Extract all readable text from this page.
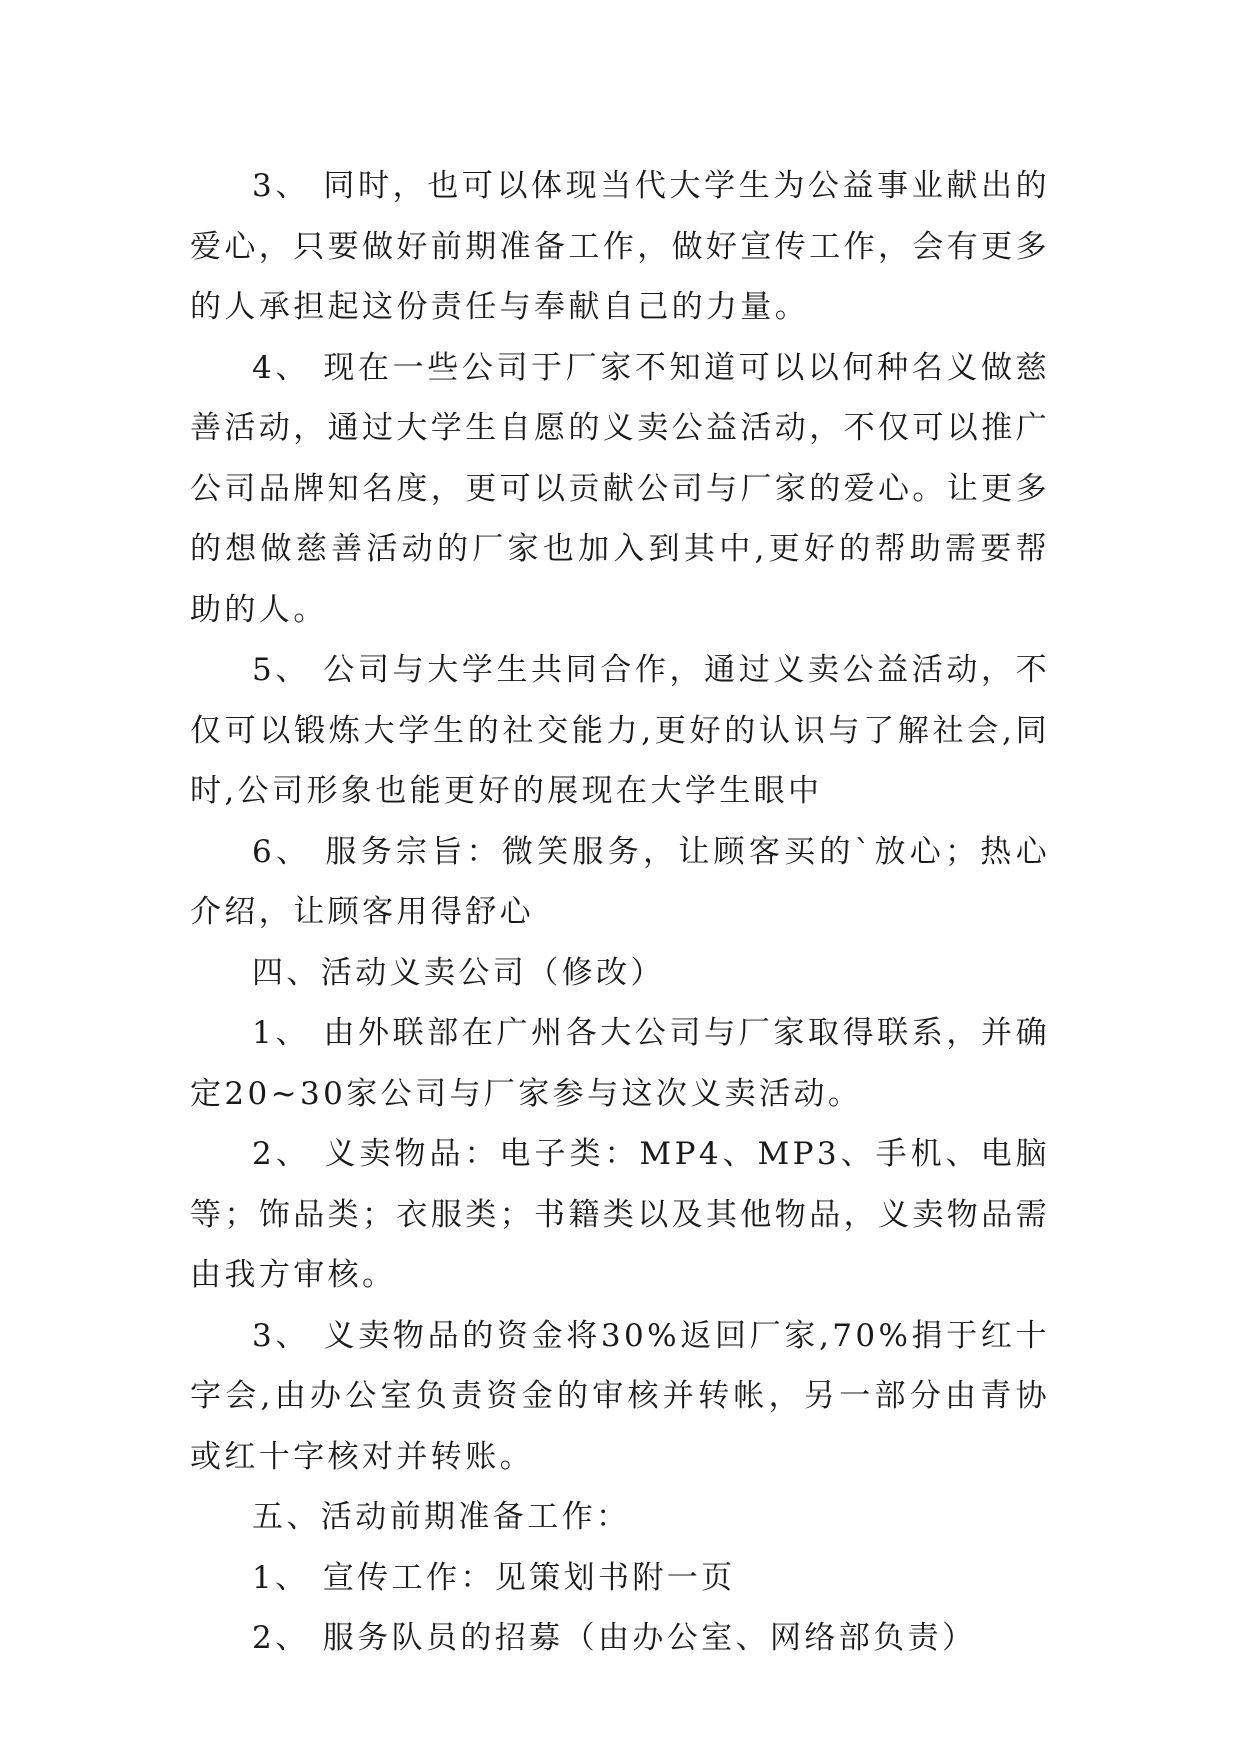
3、 同时，也可以体现当代大学生为公益事业献出的爱心，只要做好前期准备工作，做好宣传工作，会有更多的人承担起这份责任与奉献自己的力量。

4、 现在一些公司于厂家不知道可以以何种名义做慈善活动，通过大学生自愿的义卖公益活动，不仅可以推广公司品牌知名度，更可以贡献公司与厂家的爱心。让更多的想做慈善活动的厂家也加入到其中,更好的帮助需要帮助的人。

5、 公司与大学生共同合作，通过义卖公益活动，不仅可以锻炼大学生的社交能力,更好的认识与了解社会,同时,公司形象也能更好的展现在大学生眼中

6、 服务宗旨：微笑服务，让顾客买的`放心；热心介绍，让顾客用得舒心

四、活动义卖公司（修改）

1、 由外联部在广州各大公司与厂家取得联系，并确定20~30家公司与厂家参与这次义卖活动。

2、 义卖物品：电子类：MP4、MP3、手机、电脑等；饰品类；衣服类；书籍类以及其他物品，义卖物品需由我方审核。

3、 义卖物品的资金将30%返回厂家,70%捐于红十字会,由办公室负责资金的审核并转帐，另一部分由青协或红十字核对并转账。

五、活动前期准备工作：

1、 宣传工作：见策划书附一页

2、 服务队员的招募（由办公室、网络部负责）
